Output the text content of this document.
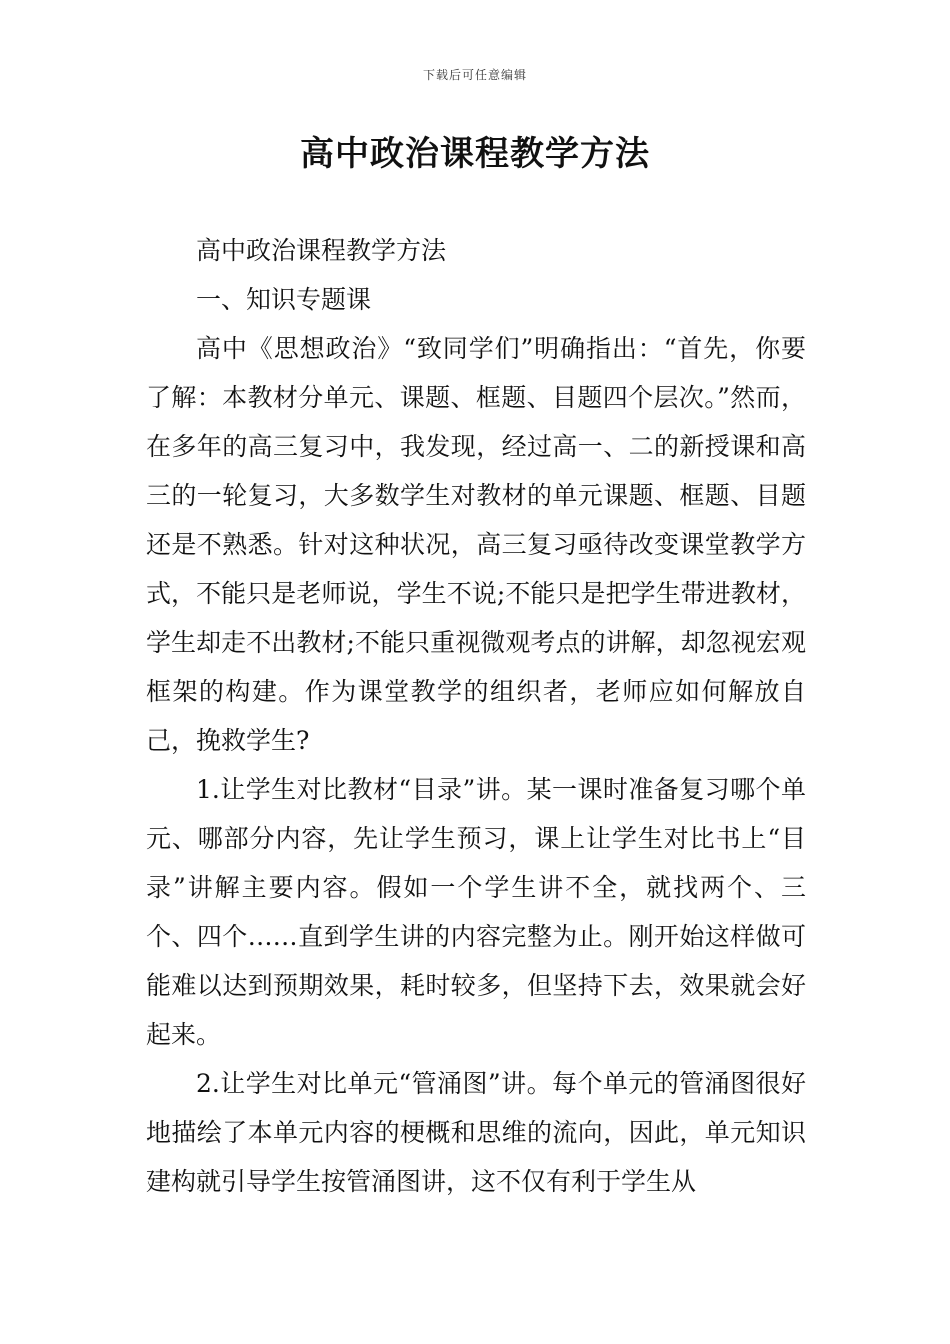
下载后可任意编辑
高中政治课程教学方法

高中政治课程教学方法

一、知识专题课

高中《思想政治》“致同学们”明确指出：“首先，你要了解：本教材分单元、课题、框题、目题四个层次。”然而，在多年的高三复习中，我发现，经过高一、二的新授课和高三的一轮复习，大多数学生对教材的单元课题、框题、目题还是不熟悉。针对这种状况，高三复习亟待改变课堂教学方式，不能只是老师说，学生不说;不能只是把学生带进教材，学生却走不出教材;不能只重视微观考点的讲解，却忽视宏观框架的构建。作为课堂教学的组织者，老师应如何解放自己，挽救学生?

1.让学生对比教材“目录”讲。某一课时准备复习哪个单元、哪部分内容，先让学生预习，课上让学生对比书上“目录”讲解主要内容。假如一个学生讲不全，就找两个、三个、四个……直到学生讲的内容完整为止。刚开始这样做可能难以达到预期效果，耗时较多，但坚持下去，效果就会好起来。

2.让学生对比单元“管涌图”讲。每个单元的管涌图很好地描绘了本单元内容的梗概和思维的流向，因此，单元知识建构就引导学生按管涌图讲，这不仅有利于学生从
